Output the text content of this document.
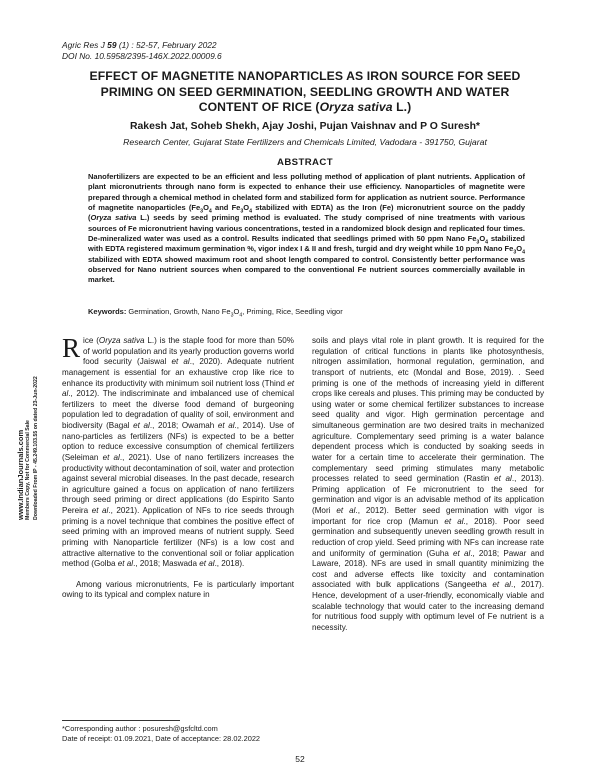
Agric Res J 59 (1) : 52-57, February 2022
DOI No. 10.5958/2395-146X.2022.00009.6
EFFECT OF MAGNETITE NANOPARTICLES AS IRON SOURCE FOR SEED
PRIMING ON SEED GERMINATION, SEEDLING GROWTH AND WATER
CONTENT OF RICE (Oryza sativa L.)
Rakesh Jat, Soheb Shekh, Ajay Joshi, Pujan Vaishnav and P O Suresh*
Research Center, Gujarat State Fertilizers and Chemicals Limited, Vadodara - 391750, Gujarat
ABSTRACT
Nanofertilizers are expected to be an efficient and less polluting method of application of plant nutrients. Application of plant micronutrients through nano form is expected to enhance their use efficiency. Nanoparticles of magnetite were prepared through a chemical method in chelated form and stabilized form for application as nutrient source. Performance of magnetite nanoparticles ($Fe_3O_4$ and $Fe_3O_4$ stabilized with EDTA) as the Iron (Fe) micronutrient source on the paddy (Oryza sativa L.) seeds by seed priming method is evaluated. The study comprised of nine treatments with various sources of Fe micronutrient having various concentrations, tested in a randomized block design and replicated four times. De-mineralized water was used as a control. Results indicated that seedlings primed with 50 ppm Nano $Fe_3O_4$ stabilized with EDTA registered maximum germination %, vigor index I & II and fresh, turgid and dry weight while 10 ppm Nano $Fe_3O_4$ stabilized with EDTA showed maximum root and shoot length compared to control. Consistently better performance was observed for Nano nutrient sources when compared to the conventional Fe nutrient sources commercially available in market.
Keywords: Germination, Growth, Nano $Fe_3O_4$, Priming, Rice, Seedling vigor

Rice (Oryza sativa L.) is the staple food for more than 50% of world population and its yearly production governs world food security (Jaiswal et al., 2020). Adequate nutrient management is essential for an exhaustive crop like rice to enhance its productivity with minimum soil nutrient loss (Thind et al., 2012). The indiscriminate and imbalanced use of chemical fertilizers to meet the diverse food demand of burgeoning population led to degradation of quality of soil, environment and biodiversity (Bagal et al., 2018; Owamah et al., 2014). Use of nano-particles as fertilizers (NFs) is expected to be a better option to reduce excessive consumption of chemical fertilizers (Seleiman et al., 2021). Use of nano fertilizers increases the productivity without decontamination of soil, water and protection against several microbial diseases. In the past decade, research in agriculture gained a focus on application of nano fertilizers through seed priming or direct applications (do Espirito Santo Pereira et al., 2021). Application of NFs to rice seeds through priming is a novel technique that combines the positive effect of seed priming with an improved means of nutrient supply. Seed priming with Nanoparticle fertilizer (NFs) is a low cost and attractive alternative to the conventional soil or foliar application method (Golba et al., 2018; Maswada et al., 2018).

Among various micronutrients, Fe is particularly important owing to its typical and complex nature in

soils and plays vital role in plant growth. It is required for the regulation of critical functions in plants like photosynthesis, nitrogen assimilation, hormonal regulation, germination, and transport of nutrients, etc (Mondal and Bose, 2019). . Seed priming is one of the methods of increasing yield in different crops like cereals and pluses. This priming may be conducted by using water or some chemical fertilizer substances to increase seed quality and vigor. High germination percentage and simultaneous germination are two desired traits in mechanized agriculture. Complementary seed priming is a water balance dependent process which is conducted by soaking seeds in water for a certain time to accelerate their germination. The complementary seed priming stimulates many metabolic processes related to seed germination (Rastin et al., 2013). Priming application of Fe micronutrient to the seed for germination and vigor is an advisable method of its application (Mori et al., 2012). Better seed germination with vigor is important for rice crop (Mamun et al., 2018). Poor seed germination and subsequently uneven seedling growth result in reduction of crop yield. Seed priming with NFs can increase rate and uniformity of germination (Guha et al., 2018; Pawar and Laware, 2018). NFs are used in small quantity minimizing the cost and adverse effects like toxicity and contamination associated with bulk applications (Sangeetha et al., 2017). Hence, development of a user-friendly, economically viable and scalable technology that would cater to the increasing demand for nutritious food supply with optimum level of Fe nutrient is a necessity.

*Corresponding author : posuresh@gsfcltd.com
Date of receipt: 01.09.2021, Date of acceptance: 28.02.2022
52
www.IndianJournals.com Members Copy, Not for Commercial Sale Downloaded From IP - 45.249.103.55 on dated 23-Jun-2022
